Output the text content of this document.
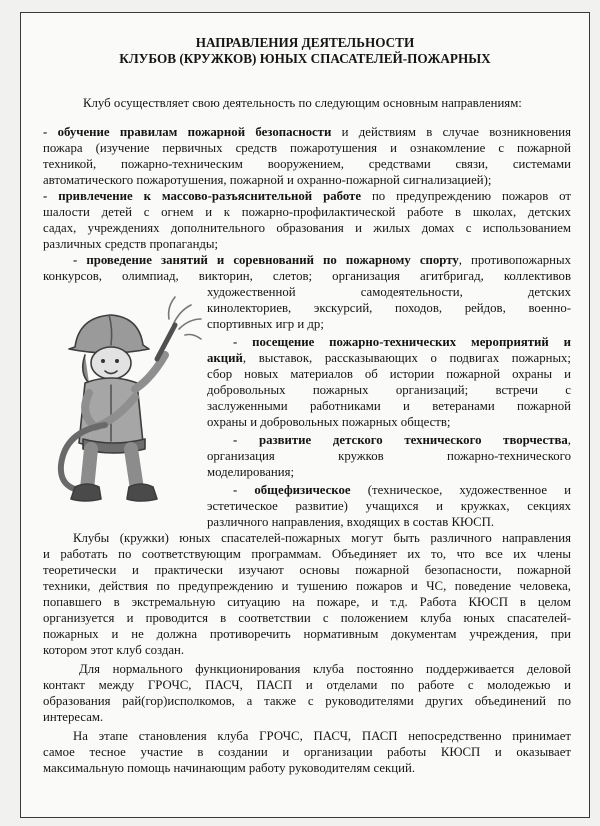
НАПРАВЛЕНИЯ ДЕЯТЕЛЬНОСТИ
КЛУБОВ (КРУЖКОВ) ЮНЫХ СПАСАТЕЛЕЙ-ПОЖАРНЫХ
Клуб осуществляет свою деятельность по следующим основным направлениям:
- обучение правилам пожарной безопасности и действиям в случае возникновения
пожара (изучение первичных средств пожаротушения и ознакомление с пожарной
техникой, пожарно-техническим вооружением, средствами связи, системами
автоматического пожаротушения, пожарной и охранно-пожарной сигнализацией);
- привлечение к массово-разъяснительной работе по предупреждению пожаров от
шалости детей с огнем и к пожарно-профилактической работе в школах, детских
садах, учреждениях дополнительного образования и жилых домах с использованием
различных средств пропаганды;
- проведение занятий и соревнований по пожарному спорту, противопожарных
конкурсов, олимпиад, викторин, слетов; организация агитбригад, коллективов
художественной самодеятельности, детских
кинолекториев, экскурсий, походов, рейдов, военно-
спортивных игр и др;
- посещение пожарно-технических мероприятий и
акций, выставок, рассказывающих о подвигах пожарных;
сбор новых материалов об истории пожарной охраны и
добровольных пожарных организаций; встречи с
заслуженными работниками и ветеранами пожарной
охраны и добровольных пожарных обществ;
- развитие детского технического творчества,
организация кружков пожарно-технического
моделирования;
- общефизическое (техническое, художественное и
эстетическое развитие) учащихся и кружках, секциях
различного направления, входящих в состав КЮСП.
Клубы (кружки) юных спасателей-пожарных могут быть различного направления
и работать по соответствующим программам. Объединяет их то, что все их члены
теоретически и практически изучают основы пожарной безопасности, пожарной
техники, действия по предупреждению и тушению пожаров и ЧС, поведение человека,
попавшего в экстремальную ситуацию на пожаре, и т.д. Работа КЮСП в целом
организуется и проводится в соответствии с положением клуба юных спасателей-
пожарных и не должна противоречить нормативным документам учреждения, при
котором этот клуб создан.
Для нормального функционирования клуба постоянно поддерживается деловой
контакт между ГРОЧС, ПАСЧ, ПАСП и отделами по работе с молодежью и
образования рай(гор)исполкомов, а также с руководителями других объединений по
интересам.
На этапе становления клуба ГРОЧС, ПАСЧ, ПАСП непосредственно принимает
самое тесное участие в создании и организации работы КЮСП и оказывает
максимальную помощь начинающим работу руководителям секций.
